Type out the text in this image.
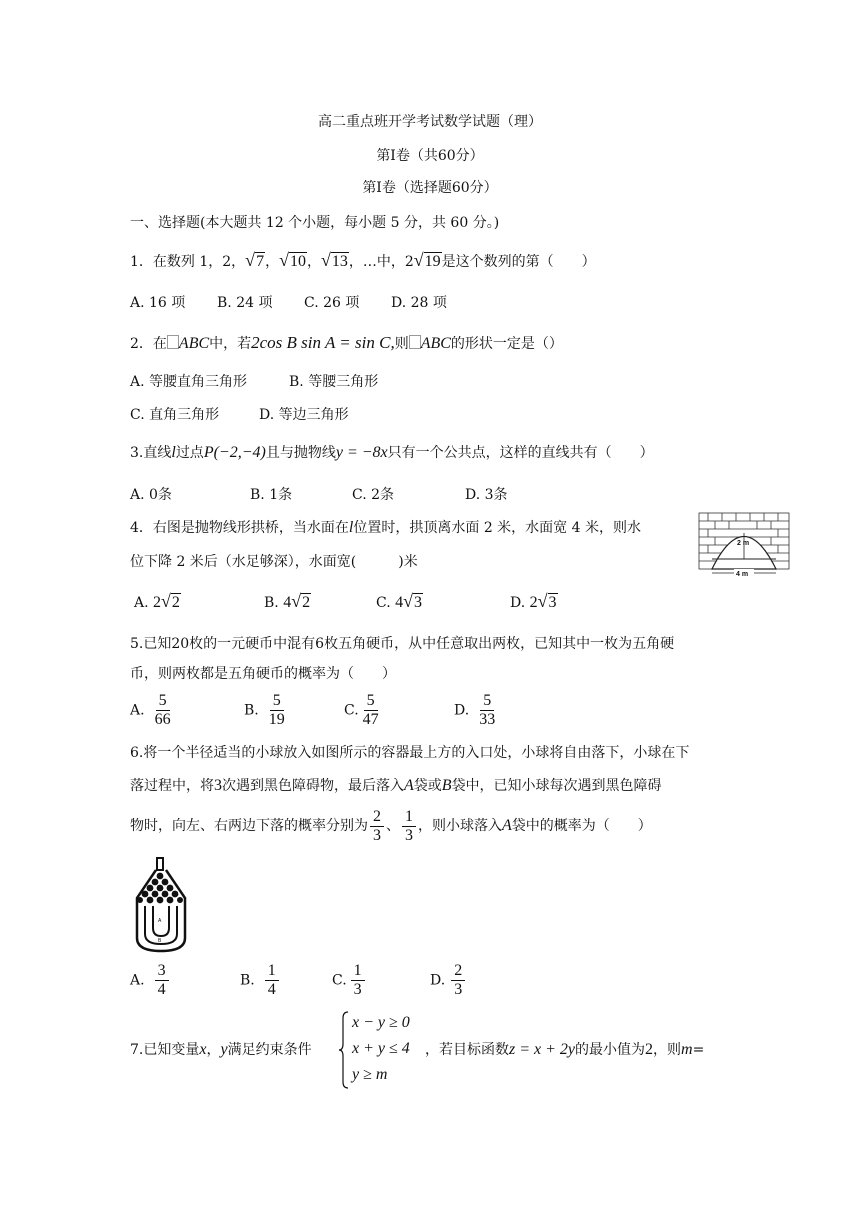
高二重点班开学考试数学试题（理）
第Ⅰ卷（共60分）
第Ⅰ卷（选择题60分）
一、选择题(本大题共 12 个小题，每小题 5 分，共 60 分。)
1．在数列 1，2，√7，√10，√13，…中，2√19是这个数列的第（　　）
A. 16 项 B. 24 项 C. 26 项 D. 28 项
2．在 ABC中，若2cos B sin A = sin C,则 ABC的形状一定是（）
A. 等腰直角三角形	B. 等腰三角形
C. 直角三角形	D. 等边三角形
3.直线l过点P(−2,−4)且与抛物线y = −8x只有一个公共点，这样的直线共有（　　）
A. 0条	B. 1条	C. 2条	D. 3条
4．右图是抛物线形拱桥，当水面在l位置时，拱顶离水面 2 米，水面宽 4 米，则水
位下降 2 米后（水足够深），水面宽(　　　)米
2 m
4 m
A. 2√2	B. 4√2	C. 4√3	D. 2√3
5.已知20枚的一元硬币中混有6枚五角硬币，从中任意取出两枚，已知其中一枚为五角硬
币，则两枚都是五角硬币的概率为（　　）
A. $\frac{5}{66}$	B. $\frac{5}{19}$	C. $\frac{5}{47}$	D. $\frac{5}{33}$
6.将一个半径适当的小球放入如图所示的容器最上方的入口处，小球将自由落下，小球在下
落过程中，将3次遇到黑色障碍物，最后落入A袋或B袋中，已知小球每次遇到黑色障碍
物时，向左、右两边下落的概率分别为 $\frac{2}{3}$ 、 $\frac{1}{3}$ ，则小球落入A袋中的概率为（　　）
A
B
A. $\frac{3}{4}$	B. $\frac{1}{4}$	C. $\frac{1}{3}$	D. $\frac{2}{3}$
7.已知变量x，y满足约束条件
x − y ≥ 0
x + y ≤ 4
y ≥ m
，若目标函数z = x + 2y的最小值为2，则m=
